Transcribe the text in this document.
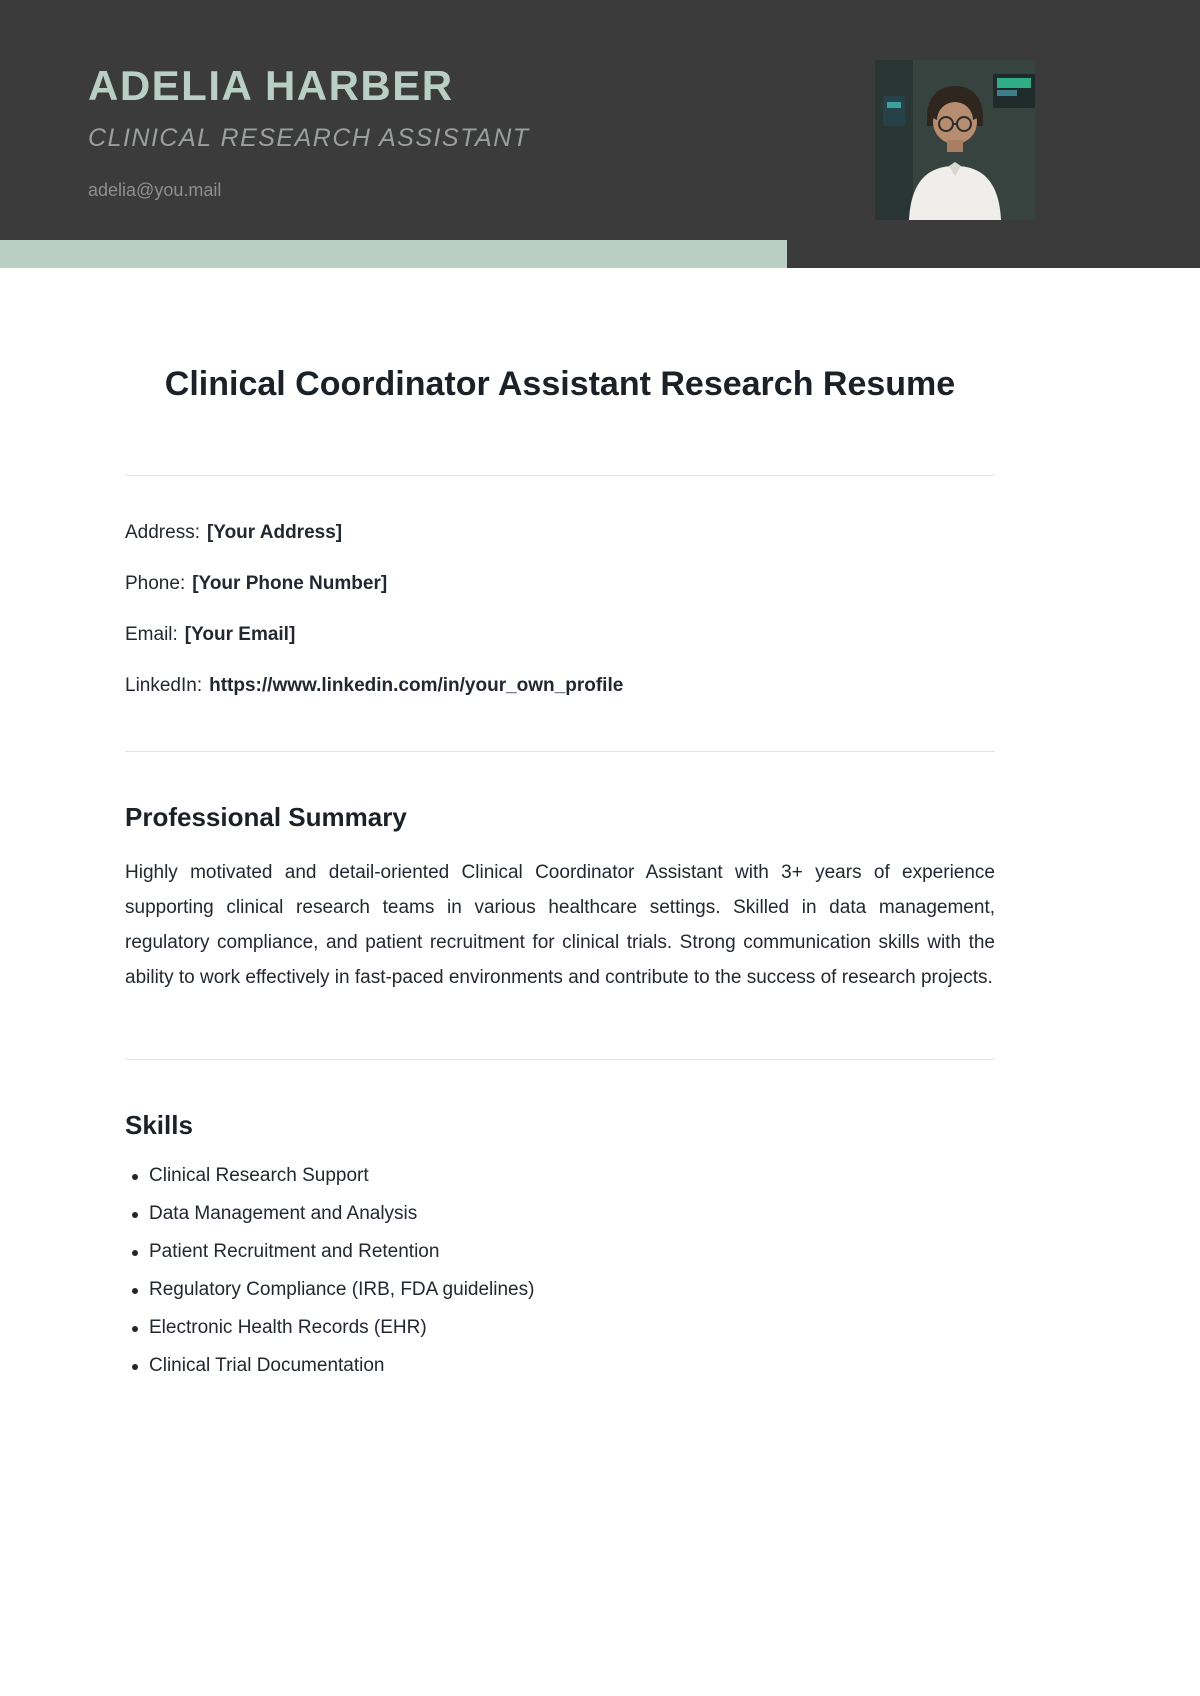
ADELIA HARBER
CLINICAL RESEARCH ASSISTANT
adelia@you.mail
Clinical Coordinator Assistant Research Resume

Address: [Your Address]

Phone: [Your Phone Number]

Email: [Your Email]

LinkedIn: https://www.linkedin.com/in/your_own_profile

Professional Summary

Highly motivated and detail-oriented Clinical Coordinator Assistant with 3+ years of experience supporting clinical research teams in various healthcare settings. Skilled in data management, regulatory compliance, and patient recruitment for clinical trials. Strong communication skills with the ability to work effectively in fast-paced environments and contribute to the success of research projects.

Skills
Clinical Research Support
Data Management and Analysis
Patient Recruitment and Retention
Regulatory Compliance (IRB, FDA guidelines)
Electronic Health Records (EHR)
Clinical Trial Documentation
